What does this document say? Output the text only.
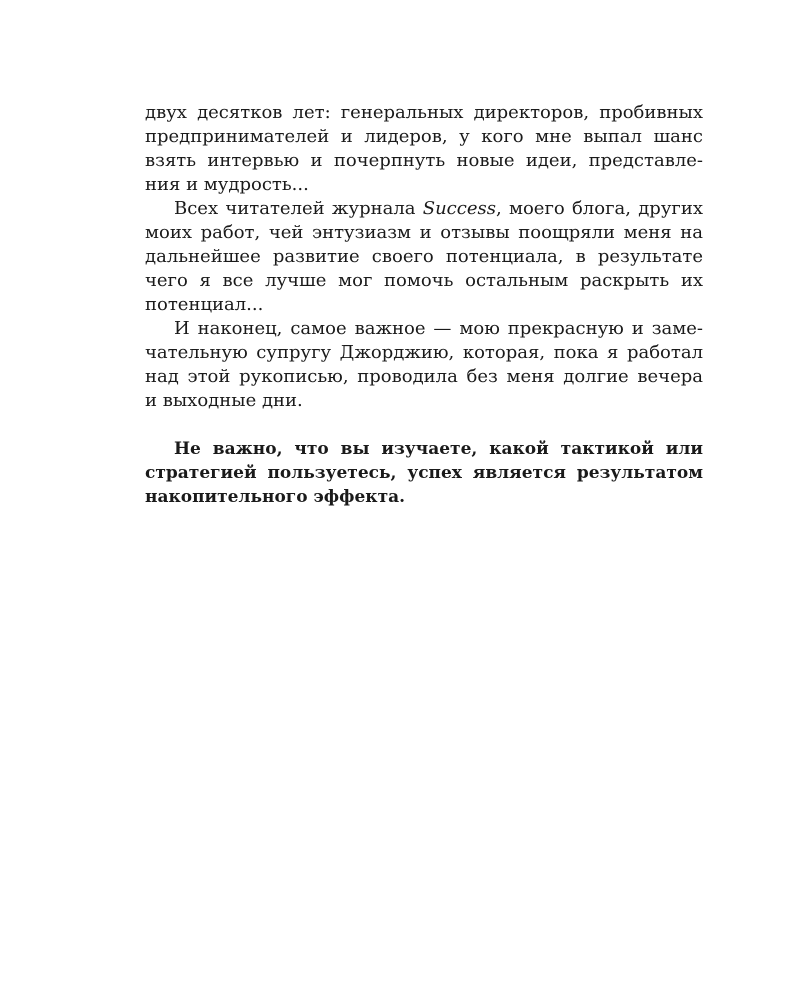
двух десятков лет: генеральных директоров, пробивных
предпринимателей и лидеров, у кого мне выпал шанс
взять интервью и почерпнуть новые идеи, представле-
ния и мудрость...
Всех читателей журнала Success, моего блога, других
моих работ, чей энтузиазм и отзывы поощряли меня на
дальнейшее развитие своего потенциала, в результате
чего я все лучше мог помочь остальным раскрыть их
потенциал...
И наконец, самое важное — мою прекрасную и заме-
чательную супругу Джорджию, которая, пока я работал
над этой рукописью, проводила без меня долгие вечера
и выходные дни.
Не важно, что вы изучаете, какой тактикой или
стратегией пользуетесь, успех является результатом
накопительного эффекта.
